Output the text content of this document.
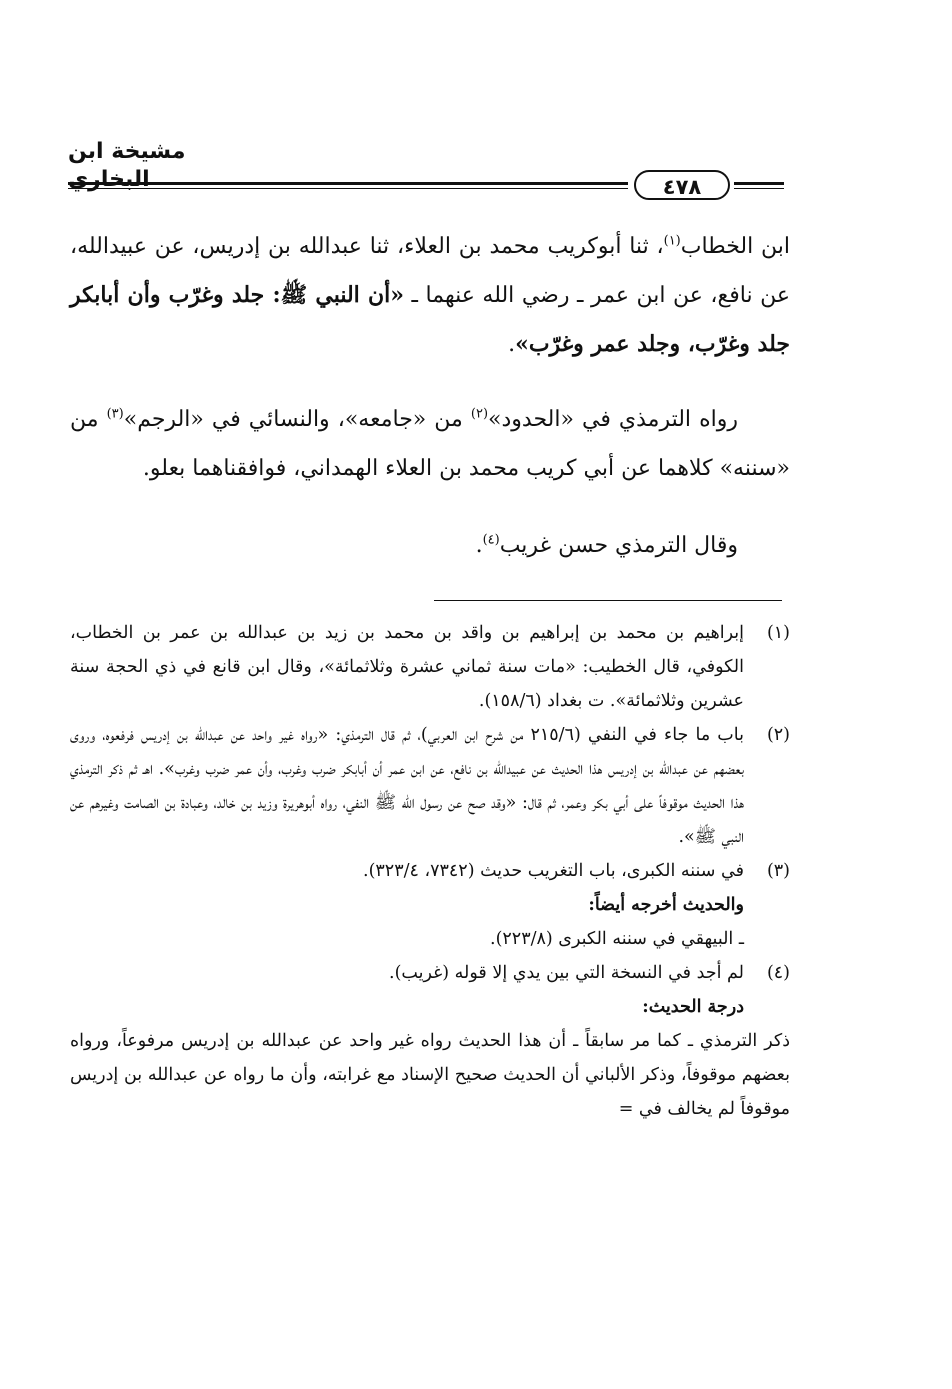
مشيخة ابن البخاري	٤٧٨

ابن الخطاب$^{(١)}$، ثنا أبوكريب محمد بن العلاء، ثنا عبدالله بن إدريس، عن عبيدالله، عن نافع، عن ابن عمر ـ رضي الله عنهما ـ «أن النبي ﷺ: جلد وغرّب وأن أبابكر جلد وغرّب، وجلد عمر وغرّب».

رواه الترمذي في «الحدود»$^{(٢)}$ من «جامعه»، والنسائي في «الرجم»$^{(٣)}$ من «سننه» كلاهما عن أبي كريب محمد بن العلاء الهمداني، فوافقناهما بعلو.

وقال الترمذي حسن غريب$^{(٤)}$.

(١)
إبراهيم بن محمد بن إبراهيم بن واقد بن محمد بن زيد بن عبدالله بن عمر بن الخطاب، الكوفي، قال الخطيب: «مات سنة ثماني عشرة وثلاثمائة»، وقال ابن قانع في ذي الحجة سنة عشرين وثلاثمائة». ت بغداد (١٥٨/٦).
(٢)
باب ما جاء في النفي (٢١٥/٦ من شرح ابن العربي)، ثم قال الترمذي: «رواه غير واحد عن عبدالله بن إدريس فرفعوه، وروى بعضهم عن عبدالله بن إدريس هذا الحديث عن عبيدالله بن نافع، عن ابن عمر أن أبابكر ضرب وغرب، وأن عمر ضرب وغرب». اهـ ثم ذكر الترمذي هذا الحديث موقوفاً على أبي بكر وعمر، ثم قال: «وقد صح عن رسول الله ﷺ النفي، رواه أبوهريرة وزيد بن خالد، وعبادة بن الصامت وغيرهم عن النبي ﷺ».
(٣)
في سننه الكبرى، باب التغريب حديث (٧٣٤٢، ٣٢٣/٤).
والحديث أخرجه أيضاً:
ـ البيهقي في سننه الكبرى (٢٢٣/٨).
(٤)
لم أجد في النسخة التي بين يدي إلا قوله (غريب).
درجة الحديث:
ذكر الترمذي ـ كما مر سابقاً ـ أن هذا الحديث رواه غير واحد عن عبدالله بن إدريس مرفوعاً، ورواه بعضهم موقوفاً، وذكر الألباني أن الحديث صحيح الإسناد مع غرابته، وأن ما رواه عن عبدالله بن إدريس موقوفاً لم يخالف في =
